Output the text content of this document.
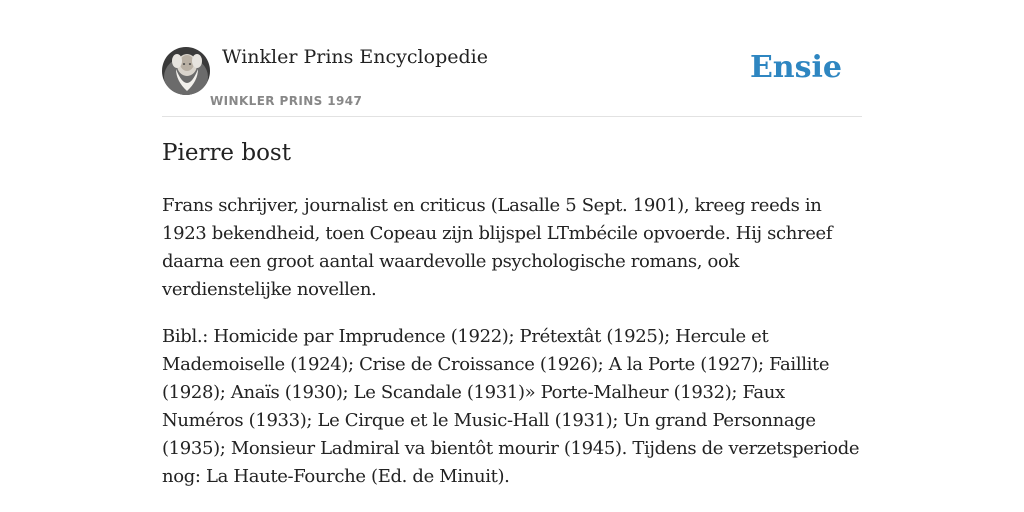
Winkler Prins Encyclopedie
WINKLER PRINS 1947
Ensie
Pierre bost

Frans schrijver, journalist en criticus (Lasalle 5 Sept. 1901), kreeg reeds in 1923 bekendheid, toen Copeau zijn blijspel LTmbécile opvoerde. Hij schreef daarna een groot aantal waardevolle psychologische romans, ook verdienstelijke novellen.

Bibl.: Homicide par Imprudence (1922); Prétextât (1925); Hercule et Mademoiselle (1924); Crise de Croissance (1926); A la Porte (1927); Faillite (1928); Anaïs (1930); Le Scandale (1931)» Porte-Malheur (1932); Faux Numéros (1933); Le Cirque et le Music-Hall (1931); Un grand Personnage (1935); Monsieur Ladmiral va bientôt mourir (1945). Tijdens de verzetsperiode nog: La Haute-Fourche (Ed. de Minuit).
